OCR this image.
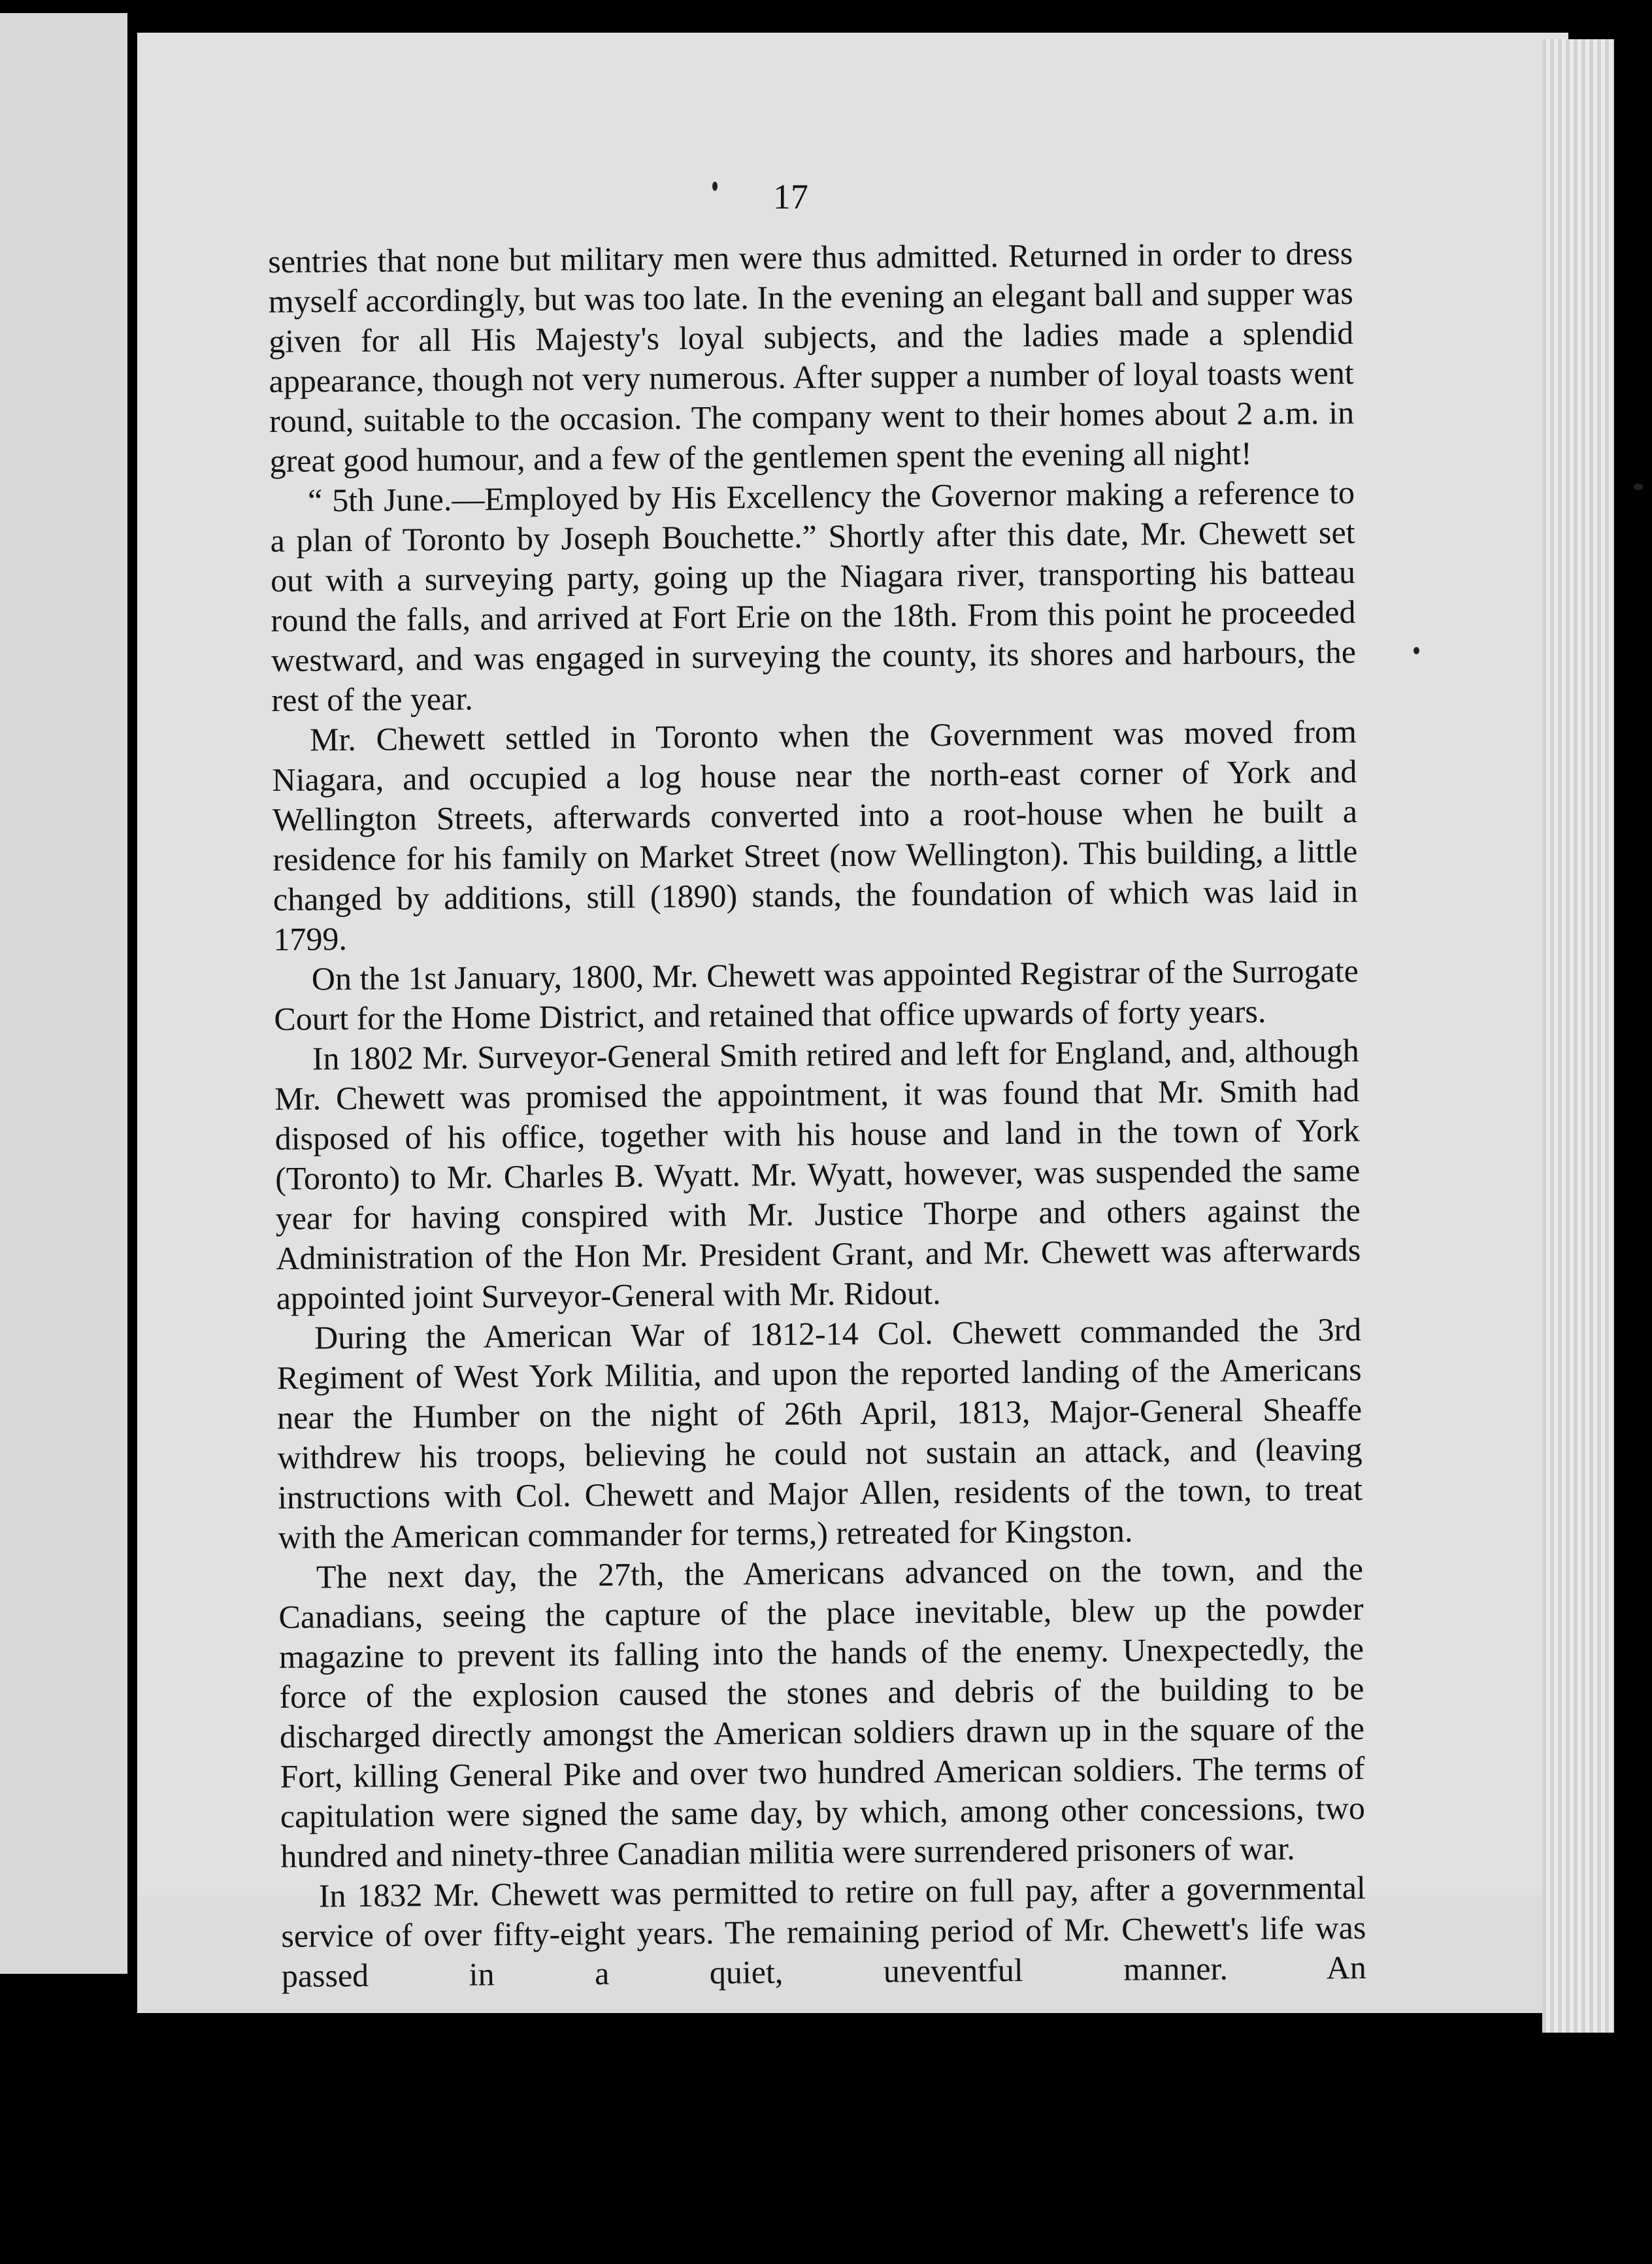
17

sentries that none but military men were thus admitted. Returned in order to dress myself accordingly, but was too late. In the evening an elegant ball and supper was given for all His Majesty's loyal subjects, and the ladies made a splendid appearance, though not very numerous. After supper a number of loyal toasts went round, suitable to the occasion. The company went to their homes about 2 a.m. in great good humour, and a few of the gentlemen spent the evening all night!

“ 5th June.—Employed by His Excellency the Governor making a reference to a plan of Toronto by Joseph Bouchette.” Shortly after this date, Mr. Chewett set out with a surveying party, going up the Niagara river, transporting his batteau round the falls, and arrived at Fort Erie on the 18th. From this point he proceeded westward, and was engaged in surveying the county, its shores and harbours, the rest of the year.

Mr. Chewett settled in Toronto when the Government was moved from Niagara, and occupied a log house near the north-east corner of York and Wellington Streets, afterwards converted into a root-house when he built a residence for his family on Market Street (now Wellington). This building, a little changed by additions, still (1890) stands, the foundation of which was laid in 1799.

On the 1st January, 1800, Mr. Chewett was appointed Registrar of the Surrogate Court for the Home District, and retained that office upwards of forty years.

In 1802 Mr. Surveyor-General Smith retired and left for England, and, although Mr. Chewett was promised the appointment, it was found that Mr. Smith had disposed of his office, together with his house and land in the town of York (Toronto) to Mr. Charles B. Wyatt. Mr. Wyatt, however, was suspended the same year for having conspired with Mr. Justice Thorpe and others against the Administration of the Hon Mr. President Grant, and Mr. Chewett was afterwards appointed joint Surveyor-General with Mr. Ridout.

During the American War of 1812-14 Col. Chewett commanded the 3rd Regiment of West York Militia, and upon the reported landing of the Americans near the Humber on the night of 26th April, 1813, Major-General Sheaffe withdrew his troops, believing he could not sustain an attack, and (leaving instructions with Col. Chewett and Major Allen, residents of the town, to treat with the American commander for terms,) retreated for Kingston.

The next day, the 27th, the Americans advanced on the town, and the Canadians, seeing the capture of the place inevitable, blew up the powder magazine to prevent its falling into the hands of the enemy. Unexpectedly, the force of the explosion caused the stones and debris of the building to be discharged directly amongst the American soldiers drawn up in the square of the Fort, killing General Pike and over two hundred American soldiers. The terms of capitulation were signed the same day, by which, among other concessions, two hundred and ninety-three Canadian militia were surrendered prisoners of war.

In 1832 Mr. Chewett was permitted to retire on full pay, after a governmental service of over fifty-eight years. The remaining period of Mr. Chewett's life was passed in a quiet, uneventful manner. An
